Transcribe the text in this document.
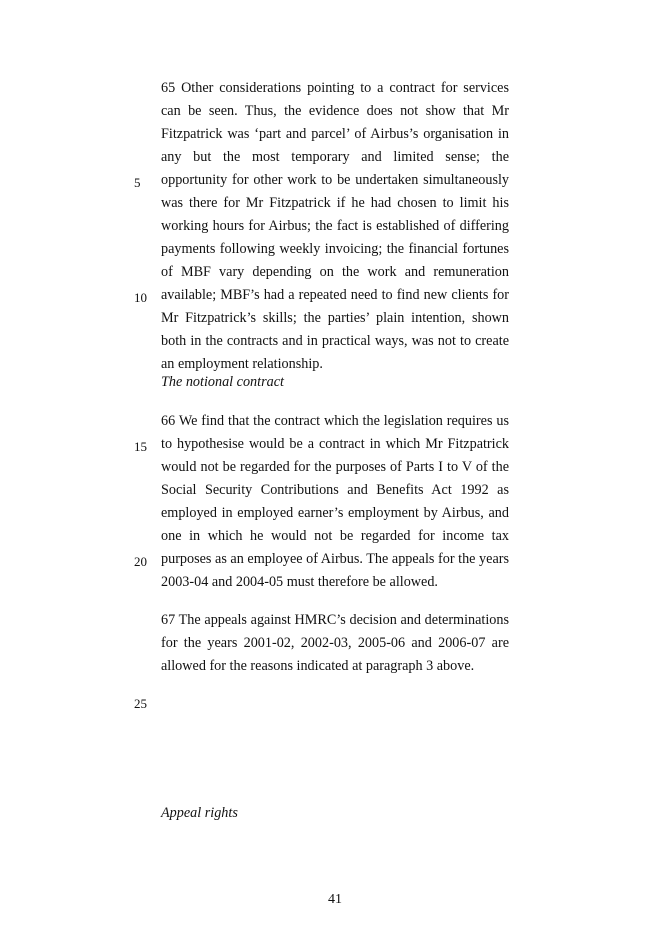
5
10
15
20
25

65 Other considerations pointing to a contract for services can be seen. Thus, the evidence does not show that Mr Fitzpatrick was ‘part and parcel’ of Airbus’s organisation in any but the most temporary and limited sense; the opportunity for other work to be undertaken simultaneously was there for Mr Fitzpatrick if he had chosen to limit his working hours for Airbus; the fact is established of differing payments following weekly invoicing; the financial fortunes of MBF vary depending on the work and remuneration available; MBF’s had a repeated need to find new clients for Mr Fitzpatrick’s skills; the parties’ plain intention, shown both in the contracts and in practical ways, was not to create an employment relationship.

The notional contract

66 We find that the contract which the legislation requires us to hypothesise would be a contract in which Mr Fitzpatrick would not be regarded for the purposes of Parts I to V of the Social Security Contributions and Benefits Act 1992 as employed in employed earner’s employment by Airbus, and one in which he would not be regarded for income tax purposes as an employee of Airbus. The appeals for the years 2003-04 and 2004-05 must therefore be allowed.

67 The appeals against HMRC’s decision and determinations for the years 2001-02, 2002-03, 2005-06 and 2006-07 are allowed for the reasons indicated at paragraph 3 above.

Appeal rights

41
